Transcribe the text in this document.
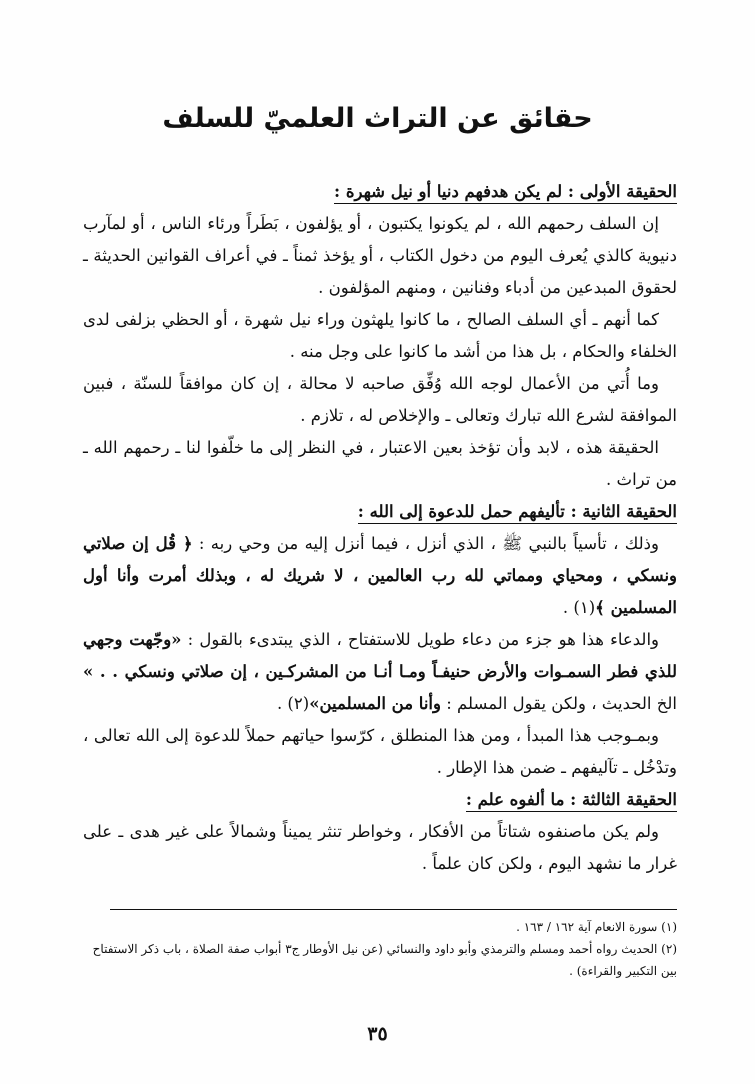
حقائق عن التراث العلميّ للسلف

الحقيقة الأولى : لم يكن هدفهم دنيا أو نيل شهرة :

إن السلف رحمهم الله ، لم يكونوا يكتبون ، أو يؤلفون ، بَطَراً ورئاء الناس ، أو لمآرب دنيوية كالذي يُعرف اليوم من دخول الكتاب ، أو يؤخذ ثمناً ـ في أعراف القوانين الحديثة ـ لحقوق المبدعين من أدباء وفنانين ، ومنهم المؤلفون .

كما أنهم ـ أي السلف الصالح ، ما كانوا يلهثون وراء نيل شهرة ، أو الحظي بزلفى لدى الخلفاء والحكام ، بل هذا من أشد ما كانوا على وجل منه .

وما أُتي من الأعمال لوجه الله وُفِّق صاحبه لا محالة ، إن كان موافقاً للسنّة ، فبين الموافقة لشرع الله تبارك وتعالى ـ والإخلاص له ، تلازم .

الحقيقة هذه ، لابد وأن تؤخذ بعين الاعتبار ، في النظر إلى ما خلّفوا لنا ـ رحمهم الله ـ من تراث .

الحقيقة الثانية : تأليفهم حمل للدعوة إلى الله :

وذلك ، تأسياً بالنبي ﷺ ، الذي أنزل ، فيما أنزل إليه من وحي ربه : ﴿ قُل إن صلاتي ونسكي ، ومحياي ومماتي لله رب العالمين ، لا شريك له ، وبذلك أمرت وأنا أول المسلمين ﴾(١) .

والدعاء هذا هو جزء من دعاء طويل للاستفتاح ، الذي يبتدىء بالقول : «وجّهت وجهي للذي فطر السمـوات والأرض حنيفـاً ومـا أنـا من المشركـين ، إن صلاتي ونسكي . . » الخ الحديث ، ولكن يقول المسلم : وأنا من المسلمين»(٢) .

وبمـوجب هذا المبدأ ، ومن هذا المنطلق ، كرّسوا حياتهم حملاً للدعوة إلى الله تعالى ، وتدْخُل ـ تآليفهم ـ ضمن هذا الإطار .

الحقيقة الثالثة : ما ألفوه علم :

ولم يكن ماصنفوه شتاتاً من الأفكار ، وخواطر تنثر يميناً وشمالاً على غير هدى ـ على غرار ما نشهد اليوم ، ولكن كان علماً .

(١) سورة الانعام آية ١٦٢ / ١٦٣ .

(٢) الحديث رواه أحمد ومسلم والترمذي وأبو داود والنسائي (عن نيل الأوطار ج٣ أبواب صفة الصلاة ، باب ذكر الاستفتاح بين التكبير والقراءة) .

٣٥
